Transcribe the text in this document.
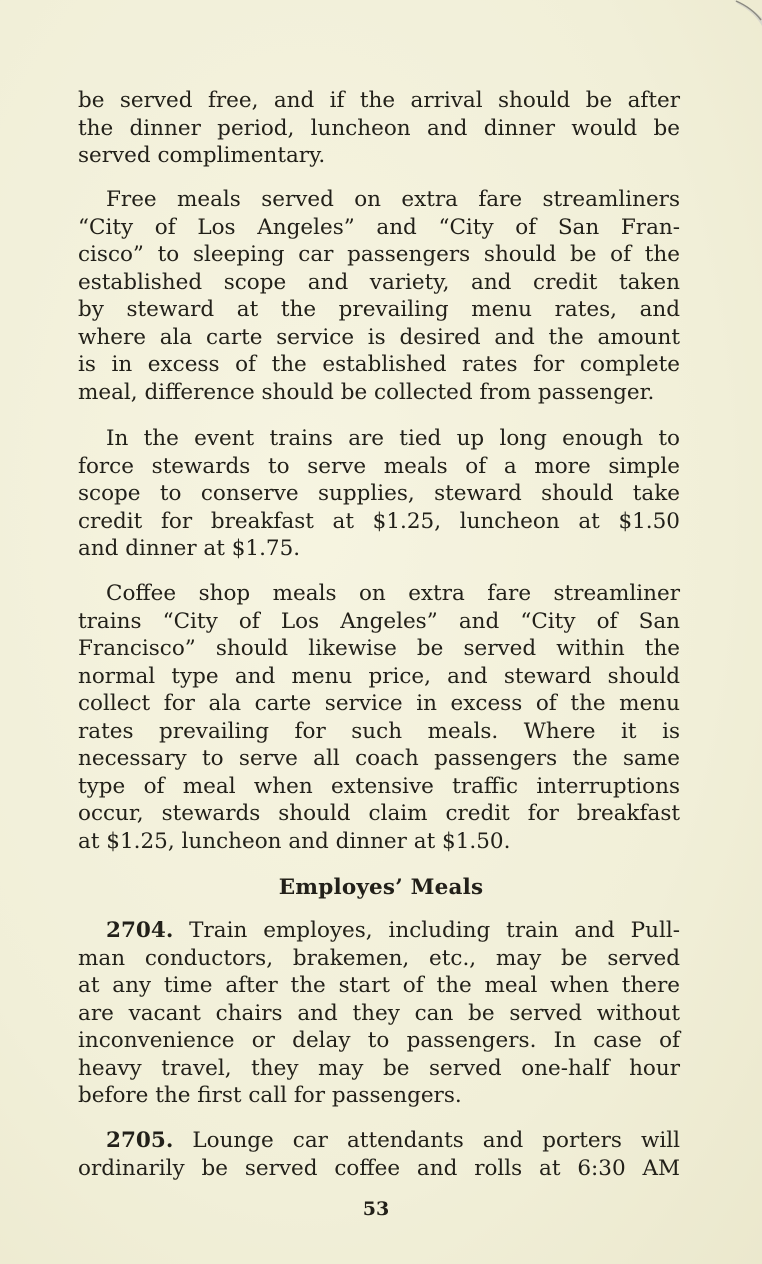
be served free, and if the arrival should be after
the dinner period, luncheon and dinner would be
served complimentary.
Free meals served on extra fare streamliners
“City of Los Angeles” and “City of San Fran-
cisco” to sleeping car passengers should be of the
established scope and variety, and credit taken
by steward at the prevailing menu rates, and
where ala carte service is desired and the amount
is in excess of the established rates for complete
meal, difference should be collected from passenger.
In the event trains are tied up long enough to
force stewards to serve meals of a more simple
scope to conserve supplies, steward should take
credit for breakfast at $1.25, luncheon at $1.50
and dinner at $1.75.
Coffee shop meals on extra fare streamliner
trains “City of Los Angeles” and “City of San
Francisco” should likewise be served within the
normal type and menu price, and steward should
collect for ala carte service in excess of the menu
rates prevailing for such meals. Where it is
necessary to serve all coach passengers the same
type of meal when extensive traffic interruptions
occur, stewards should claim credit for breakfast
at $1.25, luncheon and dinner at $1.50.
Employes’ Meals
2704. Train employes, including train and Pull-
man conductors, brakemen, etc., may be served
at any time after the start of the meal when there
are vacant chairs and they can be served without
inconvenience or delay to passengers. In case of
heavy travel, they may be served one-half hour
before the first call for passengers.
2705. Lounge car attendants and porters will
ordinarily be served coffee and rolls at 6:30 AM
53
